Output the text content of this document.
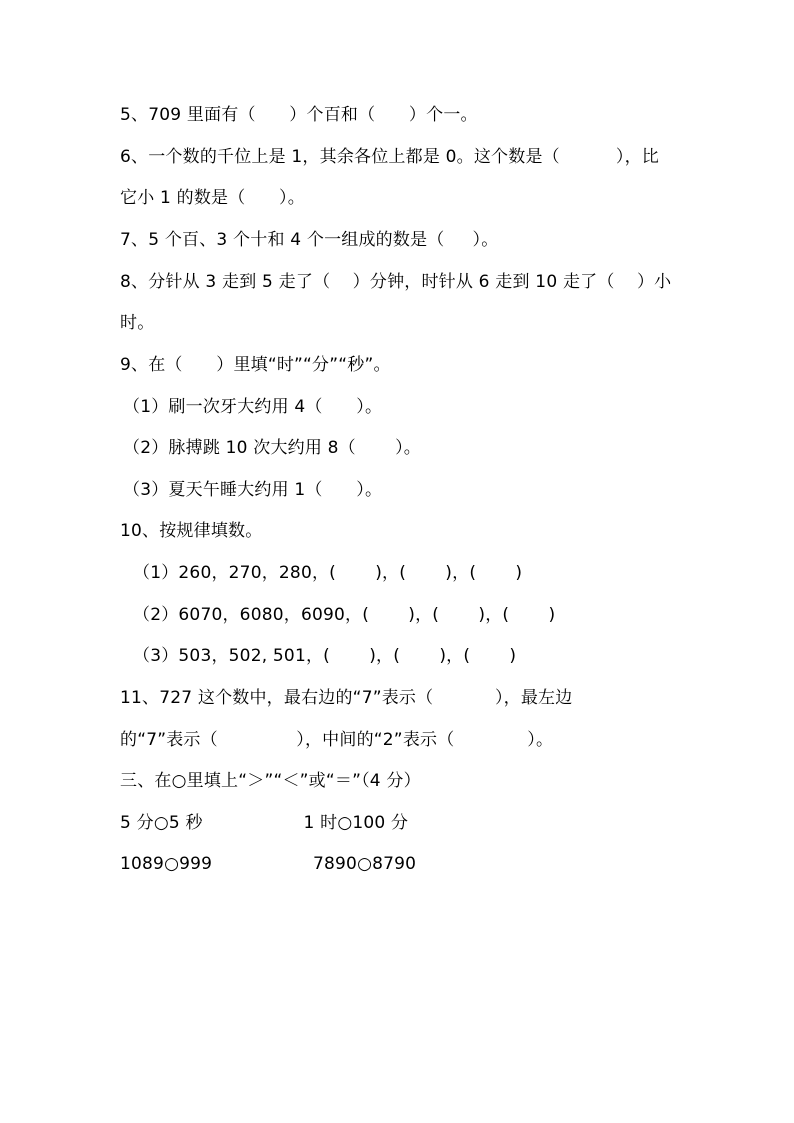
5、709 里面有（      ）个百和（      ）个一。
6、一个数的千位上是 1，其余各位上都是 0。这个数是（          ），比
它小 1 的数是（      ）。
7、5 个百、3 个十和 4 个一组成的数是（     ）。
8、分针从 3 走到 5 走了（    ）分钟，时针从 6 走到 10 走了（    ）小
时。
9、在（      ）里填“时”“分”“秒”。
（1）刷一次牙大约用 4（      ）。
（2）脉搏跳 10 次大约用 8（       ）。
（3）夏天午睡大约用 1（      ）。
10、按规律填数。
（1）260，270，280，(       )，(       )，(       )
（2）6070，6080，6090，(       )，(       )，(       )
（3）503，502, 501，(       )，(       )，(       )
11、727 这个数中，最右边的“7”表示（           ），最左边
的“7”表示（              ），中间的“2”表示（             ）。
三、在○里填上“＞”“＜”或“＝”（4 分）
5 分○5 秒                  1 时○100 分
1089○999                  7890○8790
